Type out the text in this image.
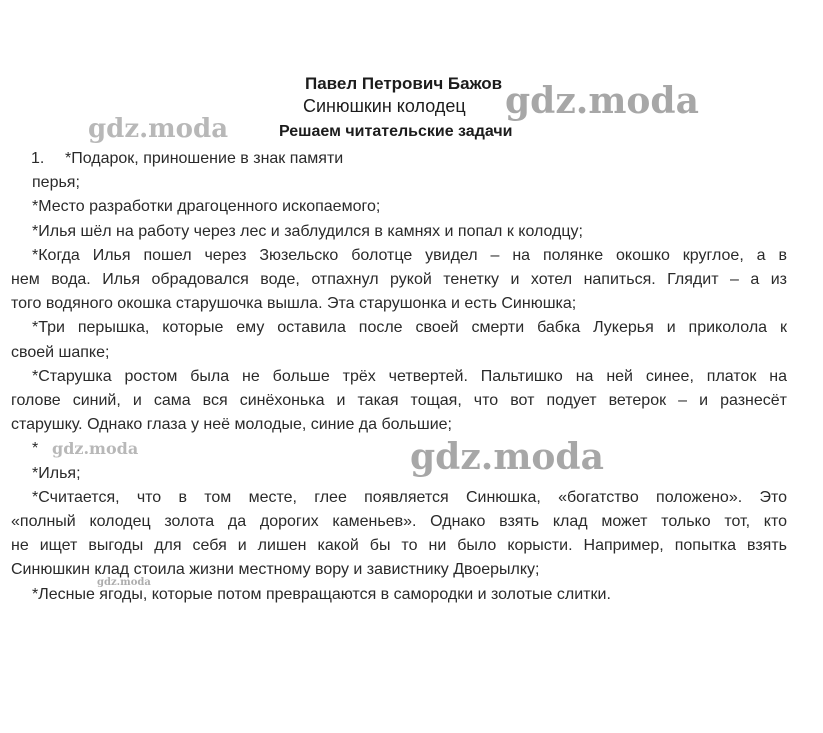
Павел Петрович Бажов
Синюшкин колодец
Решаем читательские задачи
1. *Подарок, приношение в знак памяти
перья;
*Место разработки драгоценного ископаемого;
*Илья шёл на работу через лес и заблудился в камнях и попал к колодцу;
*Когда Илья пошел через Зюзельско болотце увидел – на полянке окошко круглое, а в
нем вода. Илья обрадовался воде, отпахнул рукой тенетку и хотел напиться. Глядит – а из
того водяного окошка старушочка вышла. Эта старушонка и есть Синюшка;
*Три перышка, которые ему оставила после своей смерти бабка Лукерья и приколола к
своей шапке;
*Старушка ростом была не больше трёх четвертей. Пальтишко на ней синее, платок на
голове синий, и сама вся синёхонька и такая тощая, что вот подует ветерок – и разнесёт
старушку. Однако глаза у неё молодые, синие да большие;
*
*Илья;
*Считается, что в том месте, глее появляется Синюшка, «богатство положено». Это
«полный колодец золота да дорогих каменьев». Однако взять клад может только тот, кто
не ищет выгоды для себя и лишен какой бы то ни было корысти. Например, попытка взять
Синюшкин клад стоила жизни местному вору и завистнику Двоерылку;
*Лесные ягоды, которые потом превращаются в самородки и золотые слитки.
gdz.moda
gdz.moda
gdz.moda	gdz.moda
gdz.moda
